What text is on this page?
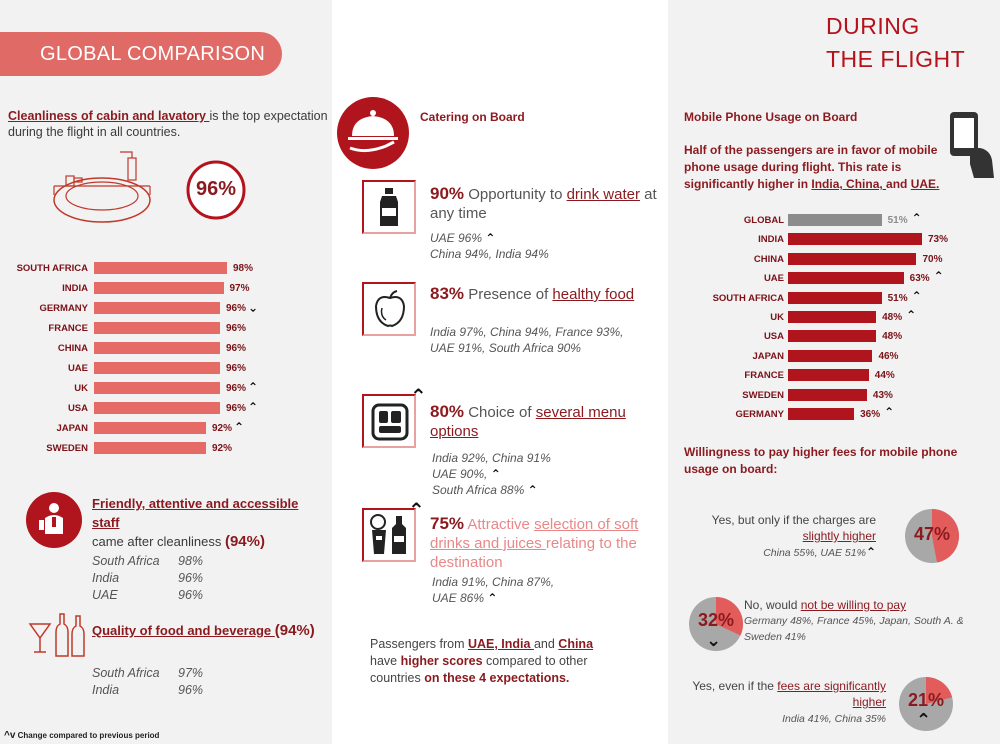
GLOBAL COMPARISON
Cleanliness of cabin and lavatory is the top expectation during the flight in all countries.
96%
SOUTH AFRICA	98%
INDIA	97%
GERMANY	96% ⌃
FRANCE	96%
CHINA	96%
UAE	96%
UK	96% ⌃
USA	96% ⌃
JAPAN	92% ⌃
SWEDEN	92%
Friendly, attentive and accessible staff
came after cleanliness (94%)
South Africa 98%
India	96%
UAE	96%
Quality of food and beverage (94%)
South Africa 97%
India	96%
^v Change compared to previous period
Catering on Board
90% Opportunity to drink water at any time
UAE 96% ⌃
China 94%, India 94%
83% Presence of healthy food
India 97%, China 94%, France 93%, UAE 91%, South Africa 90%
⌃
80% Choice of several menu options
India 92%, China 91%
UAE 90%, ⌃
South Africa 88% ⌃
⌃
75% Attractive selection of soft drinks and juices relating to the destination
India 91%, China 87%,
UAE 86% ⌃
Passengers from UAE, India and China have higher scores compared to other countries on these 4 expectations.
DURING
THE FLIGHT
Mobile Phone Usage on Board
Half of the passengers are in favor of mobile phone usage during flight. This rate is significantly higher in India, China, and UAE.
GLOBAL	51% ⌃
INDIA	73%
CHINA	70%
UAE	63% ⌃
SOUTH AFRICA	51% ⌃
UK	48% ⌃
USA	48%
JAPAN	46%
FRANCE	44%
SWEDEN	43%
GERMANY	36% ⌃
Willingness to pay higher fees for mobile phone usage on board:
Yes, but only if the charges are slightly higher
China 55%, UAE 51%⌃
47%
32%
⌃
No, would not be willing to pay
Germany 48%, France 45%, Japan, South A. & Sweden 41%
Yes, even if the fees are significantly higher
India 41%, China 35%
21%
⌃
